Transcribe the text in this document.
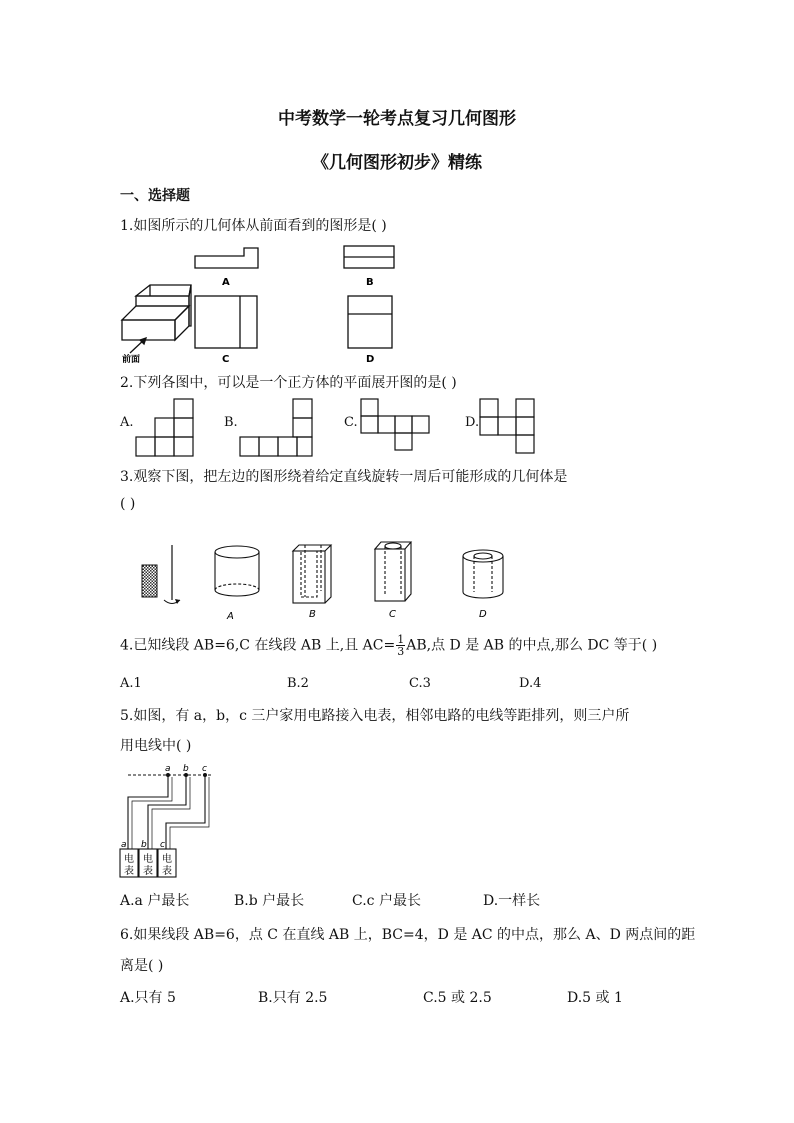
中考数学一轮考点复习几何图形
《几何图形初步》精练
一、选择题
1.如图所示的几何体从前面看到的图形是( )
前面
A	B
C	D
2.下列各图中，可以是一个正方体的平面展开图的是( )
A.	B.	C.	D.
3.观察下图，把左边的图形绕着给定直线旋转一周后可能形成的几何体是
( )
A	B	C	D
4.已知线段 AB=6,C 在线段 AB 上,且 $AC= \frac{1}{3}$ AB,点 D 是 AB 的中点,那么 DC 等于( )
A.1	B.2	C.3	D.4
5.如图，有 a，b，c 三户家用电路接入电表，相邻电路的电线等距排列，则三户所
用电线中( )
a b c
a b c
电
表
电
表
电
表
A.a 户最长	B.b 户最长	C.c 户最长	D.一样长
6.如果线段 AB=6，点 C 在直线 AB 上，BC=4，D 是 AC 的中点，那么 A、D 两点间的距
离是( )
A.只有 5	B.只有 2.5	C.5 或 2.5	D.5 或 1
